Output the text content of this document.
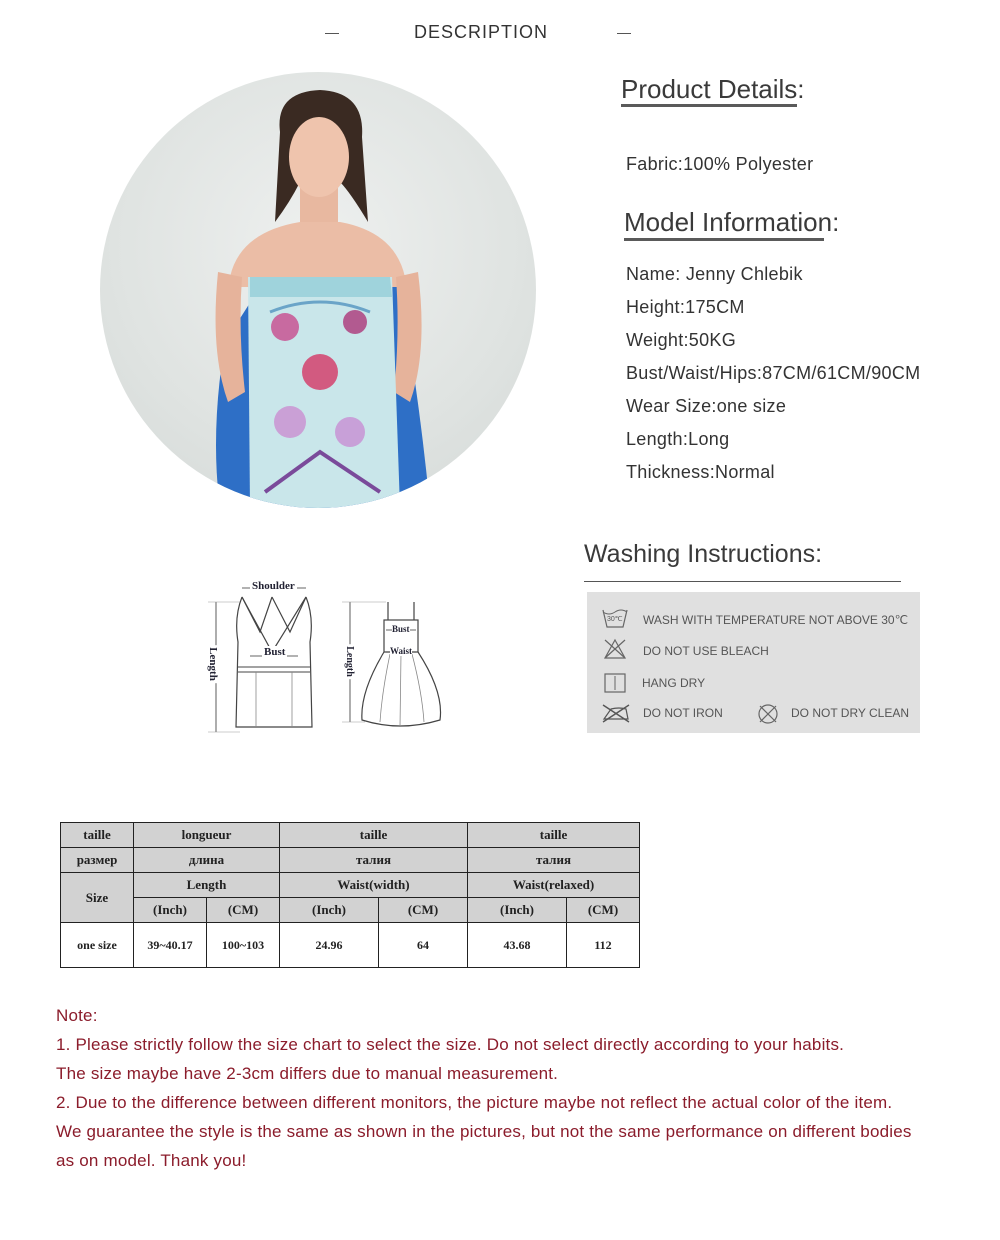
DESCRIPTION
Product Details:
Fabric:100% Polyester
Model Information:
Name: Jenny Chlebik
Height:175CM
Weight:50KG
Bust/Waist/Hips:87CM/61CM/90CM
Wear Size:one size
Length:Long
Thickness:Normal
Shoulder
Bust
Length
Bust
Waist
Length
Washing Instructions:
30℃ WASH WITH TEMPERATURE NOT ABOVE 30℃
DO NOT USE BLEACH
HANG DRY
DO NOT IRON	DO NOT DRY CLEAN
taille	longueur		taille		taille	
размер	длина		талия		талия	
Size	Length		Waist(width)		Waist(relaxed)	
	(Inch)	(CM)	(Inch)	(CM)	(Inch)	(CM)
one size	39~40.17	100~103	24.96	64	43.68	112
Note:
1. Please strictly follow the size chart to select the size. Do not select directly according to your habits.
The size maybe have 2-3cm differs due to manual measurement.
2. Due to the difference between different monitors, the picture maybe not reflect the actual color of the item.
We guarantee the style is the same as shown in the pictures, but not the same performance on different bodies
as on model. Thank you!
